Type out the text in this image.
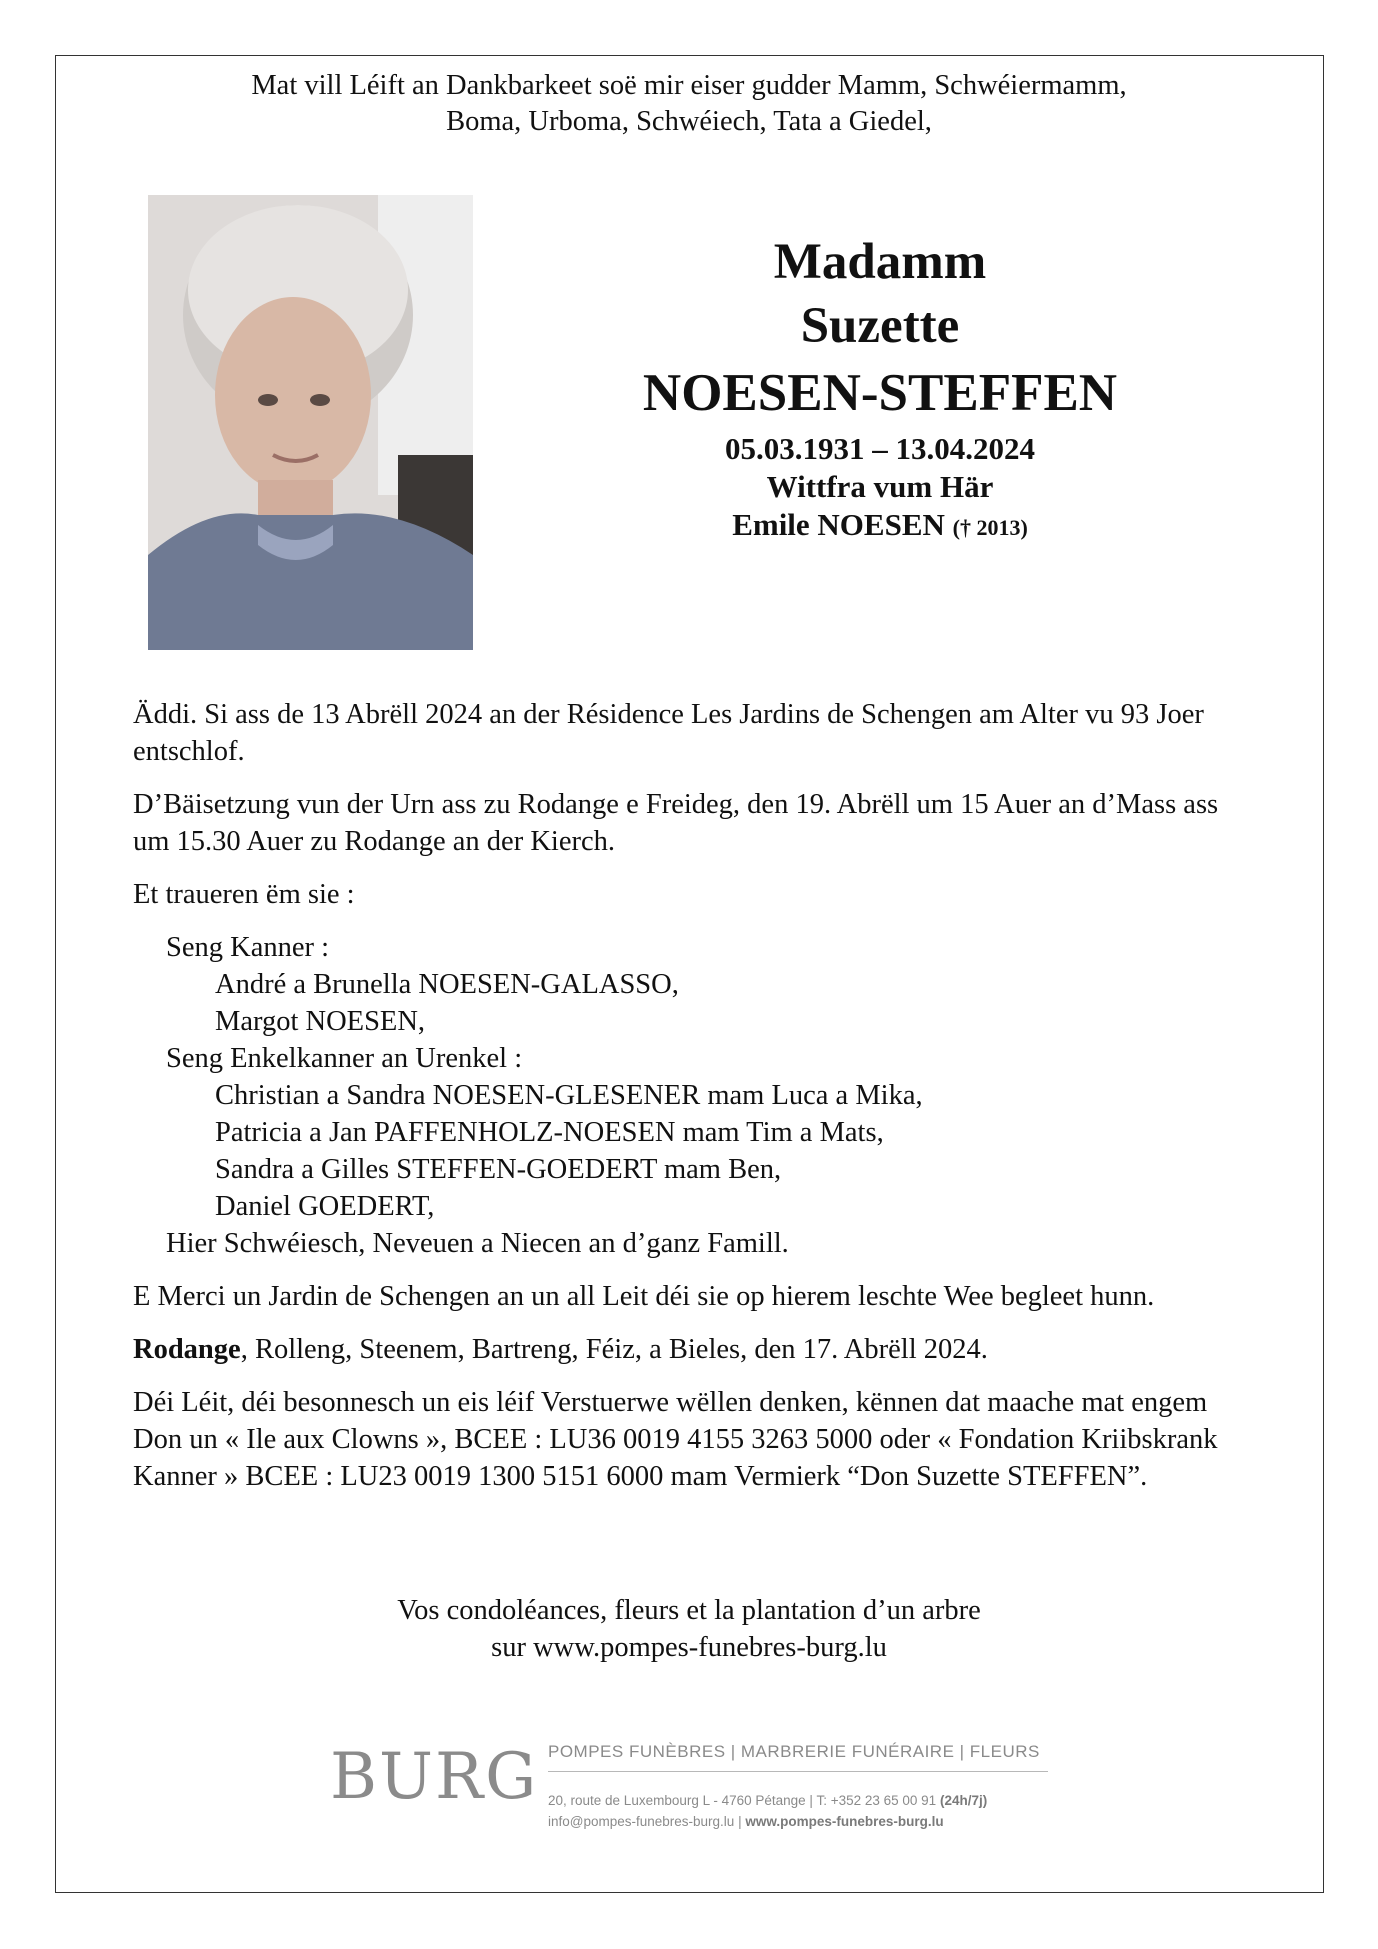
Mat vill Léift an Dankbarkeet soë mir eiser gudder Mamm, Schwéiermamm,
Boma, Urboma, Schwéiech, Tata a Giedel,
Madamm
Suzette
NOESEN-STEFFEN
05.03.1931 – 13.04.2024
Wittfra vum Här
Emile NOESEN († 2013)

Äddi. Si ass de 13 Abrëll 2024 an der Résidence Les Jardins de Schengen am Alter vu 93 Joer entschlof.

D’Bäisetzung vun der Urn ass zu Rodange e Freideg, den 19. Abrëll um 15 Auer an d’Mass ass um 15.30 Auer zu Rodange an der Kierch.

Et traueren ëm sie :

Seng Kanner :
André a Brunella NOESEN-GALASSO,
Margot NOESEN,
Seng Enkelkanner an Urenkel :
Christian a Sandra NOESEN-GLESENER mam Luca a Mika,
Patricia a Jan PAFFENHOLZ-NOESEN mam Tim a Mats,
Sandra a Gilles STEFFEN-GOEDERT mam Ben,
Daniel GOEDERT,
Hier Schwéiesch, Neveuen a Niecen an d’ganz Famill.

E Merci un Jardin de Schengen an un all Leit déi sie op hierem leschte Wee begleet hunn.

Rodange, Rolleng, Steenem, Bartreng, Féiz, a Bieles, den 17. Abrëll 2024.

Déi Léit, déi besonnesch un eis léif Verstuerwe wëllen denken, kënnen dat maache mat engem Don un « Ile aux Clowns », BCEE : LU36 0019 4155 3263 5000 oder « Fondation Kriibskrank Kanner » BCEE : LU23 0019 1300 5151 6000 mam Vermierk “Don Suzette STEFFEN”.

Vos condoléances, fleurs et la plantation d’un arbre
sur www.pompes-funebres-burg.lu
BURG POMPES FUNÈBRES | MARBRERIE FUNÉRAIRE | FLEURS
20, route de Luxembourg L - 4760 Pétange | T: +352 23 65 00 91 (24h/7j)
info@pompes-funebres-burg.lu | www.pompes-funebres-burg.lu
